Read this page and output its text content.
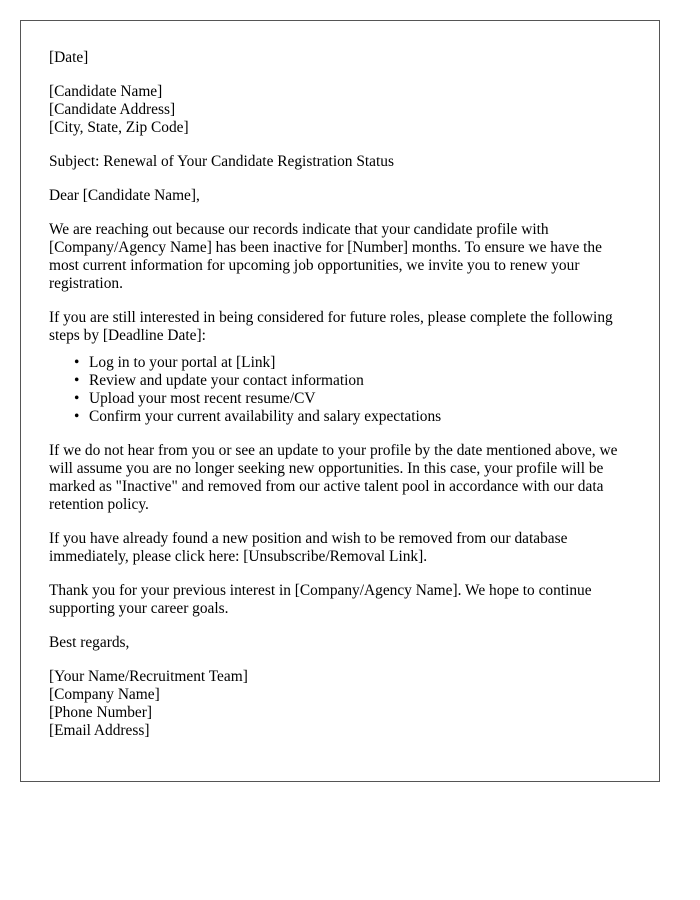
[Date]
[Candidate Name]
[Candidate Address]
[City, State, Zip Code]

Subject: Renewal of Your Candidate Registration Status

Dear [Candidate Name],

We are reaching out because our records indicate that your candidate profile with [Company/Agency Name] has been inactive for [Number] months. To ensure we have the most current information for upcoming job opportunities, we invite you to renew your registration.

If you are still interested in being considered for future roles, please complete the following steps by [Deadline Date]:

• Log in to your portal at [Link]
• Review and update your contact information
• Upload your most recent resume/CV
• Confirm your current availability and salary expectations

If we do not hear from you or see an update to your profile by the date mentioned above, we will assume you are no longer seeking new opportunities. In this case, your profile will be marked as "Inactive" and removed from our active talent pool in accordance with our data retention policy.

If you have already found a new position and wish to be removed from our database immediately, please click here: [Unsubscribe/Removal Link].

Thank you for your previous interest in [Company/Agency Name]. We hope to continue supporting your career goals.

Best regards,

[Your Name/Recruitment Team]
[Company Name]
[Phone Number]
[Email Address]
